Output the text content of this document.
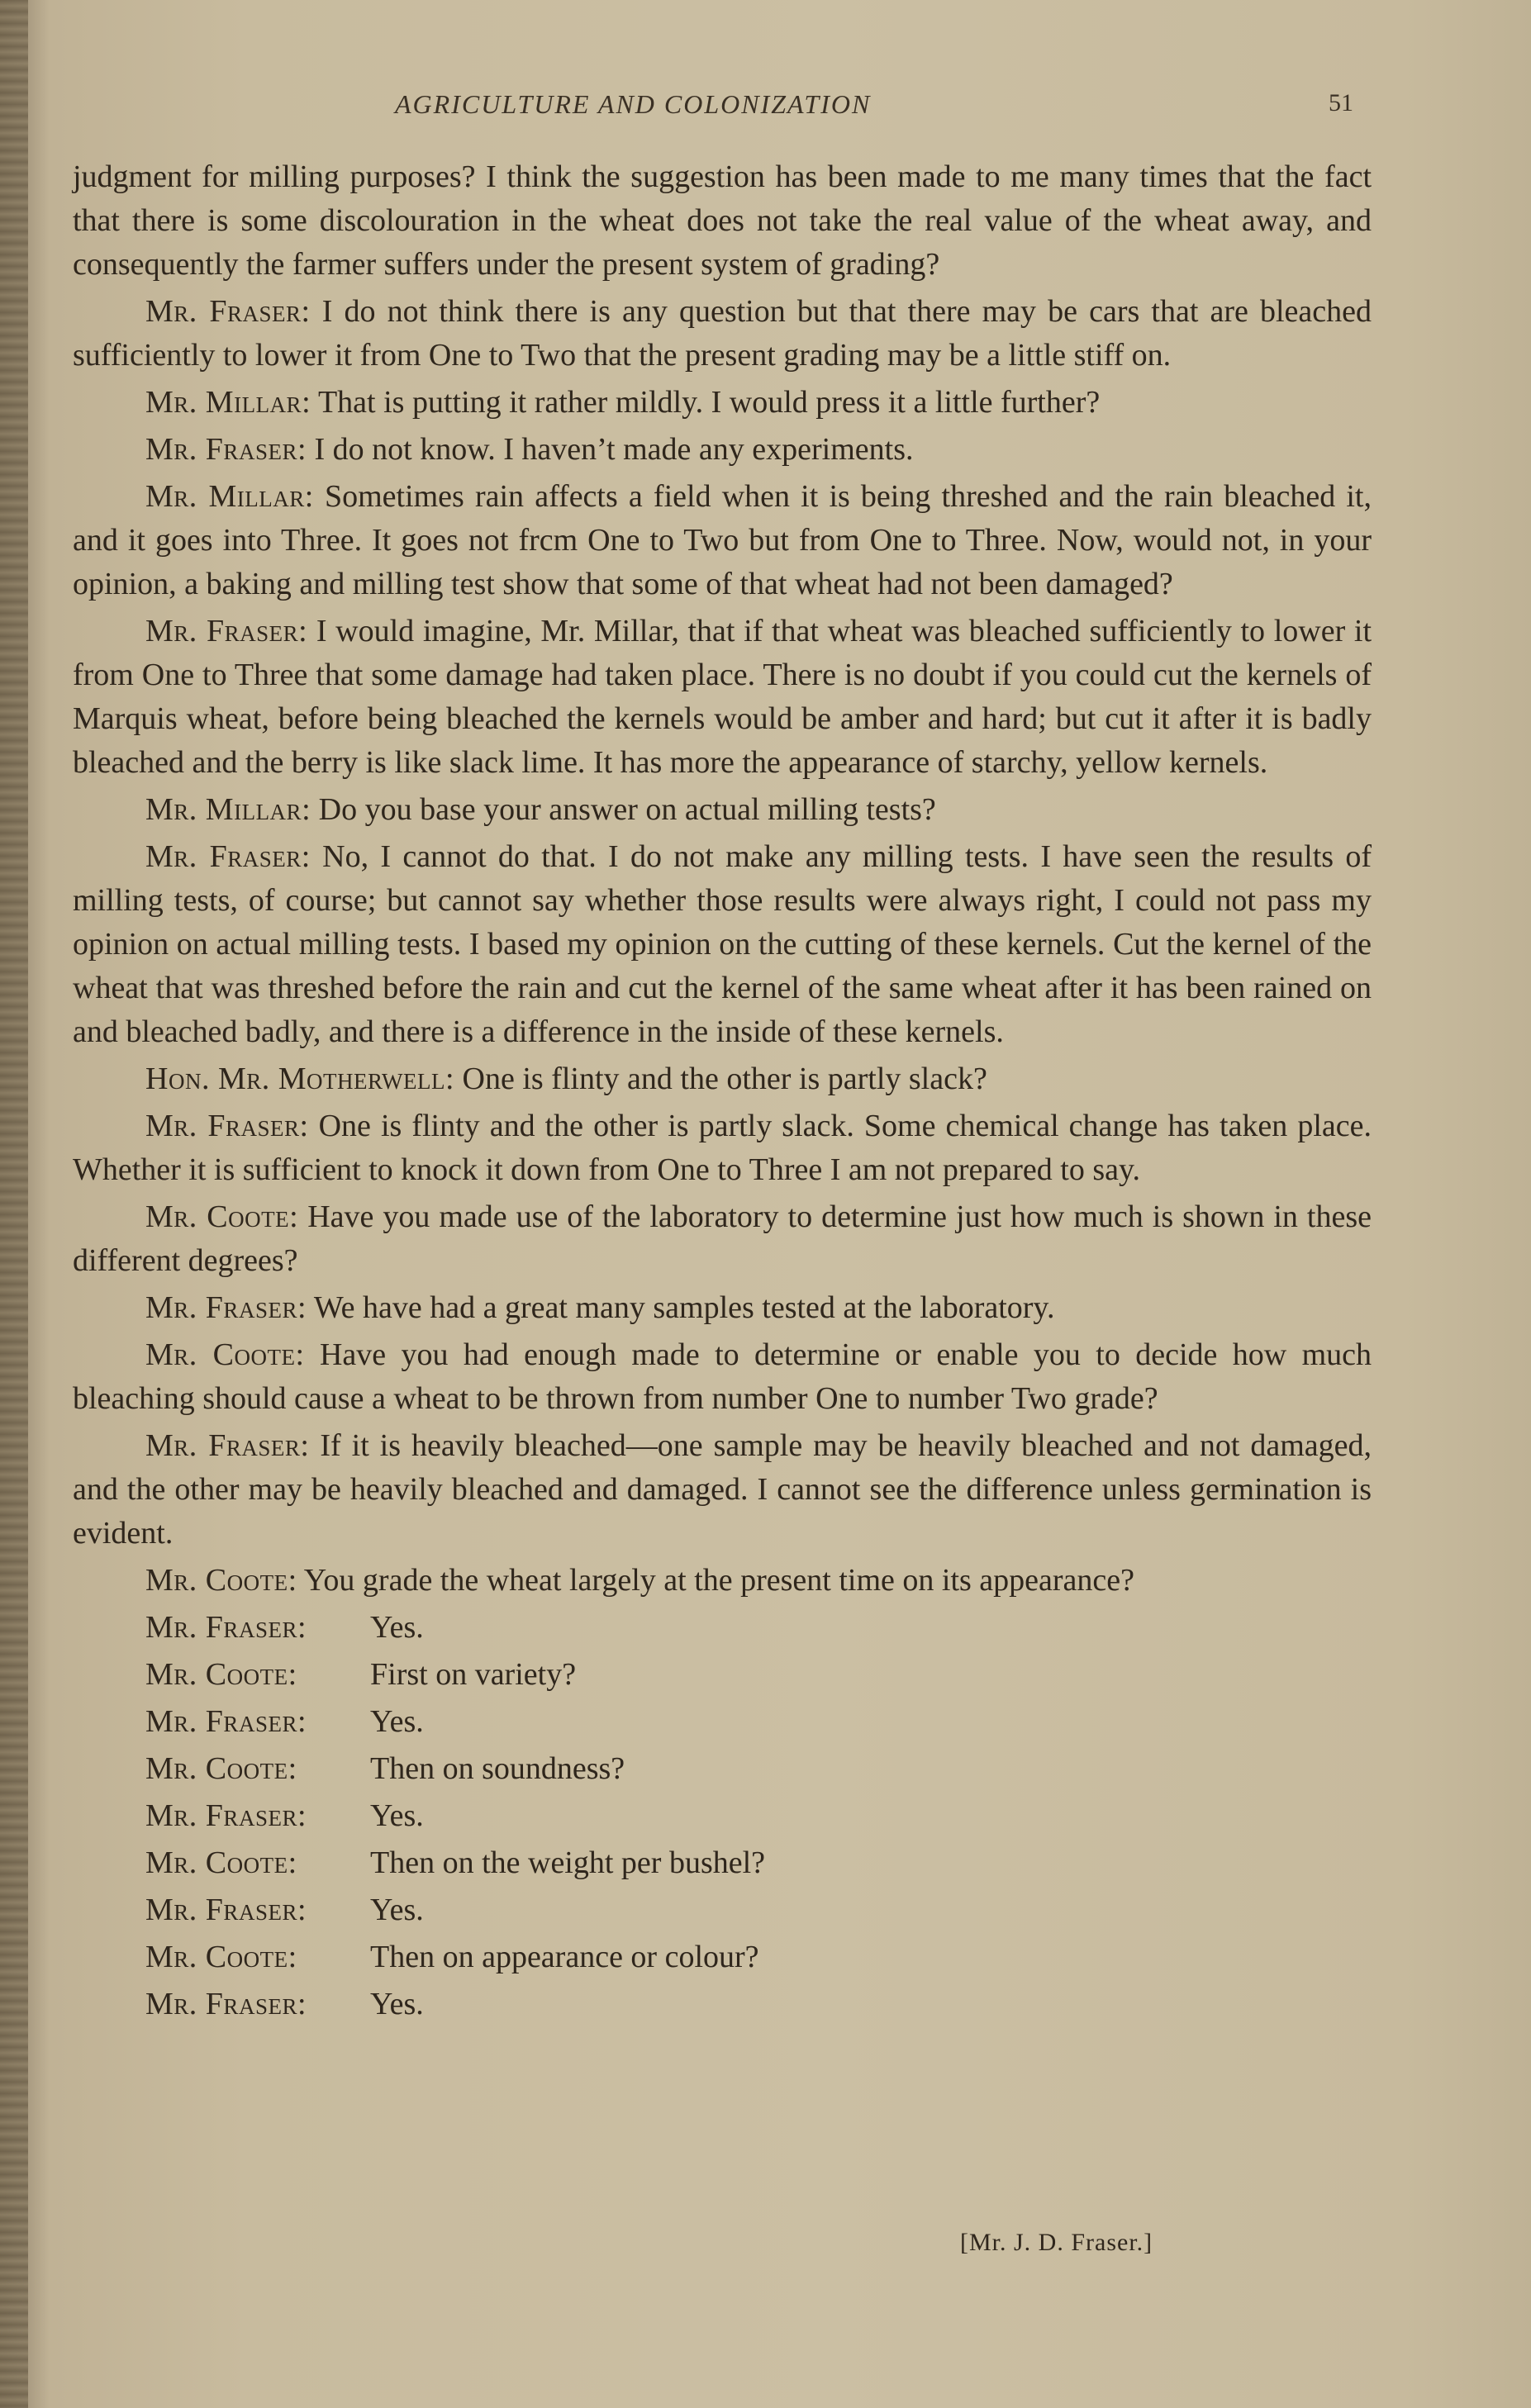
AGRICULTURE AND COLONIZATION	51

judgment for milling purposes? I think the suggestion has been made to me many times that the fact that there is some discolouration in the wheat does not take the real value of the wheat away, and consequently the farmer suffers under the present system of grading?

Mr. Fraser: I do not think there is any question but that there may be cars that are bleached sufficiently to lower it from One to Two that the present grading may be a little stiff on.

Mr. Millar: That is putting it rather mildly. I would press it a little further?

Mr. Fraser: I do not know. I haven’t made any experiments.

Mr. Millar: Sometimes rain affects a field when it is being threshed and the rain bleached it, and it goes into Three. It goes not frcm One to Two but from One to Three. Now, would not, in your opinion, a baking and milling test show that some of that wheat had not been damaged?

Mr. Fraser: I would imagine, Mr. Millar, that if that wheat was bleached sufficiently to lower it from One to Three that some damage had taken place. There is no doubt if you could cut the kernels of Marquis wheat, before being bleached the kernels would be amber and hard; but cut it after it is badly bleached and the berry is like slack lime. It has more the appearance of starchy, yellow kernels.

Mr. Millar: Do you base your answer on actual milling tests?

Mr. Fraser: No, I cannot do that. I do not make any milling tests. I have seen the results of milling tests, of course; but cannot say whether those results were always right, I could not pass my opinion on actual milling tests. I based my opinion on the cutting of these kernels. Cut the kernel of the wheat that was threshed before the rain and cut the kernel of the same wheat after it has been rained on and bleached badly, and there is a difference in the inside of these kernels.

Hon. Mr. Motherwell: One is flinty and the other is partly slack?

Mr. Fraser: One is flinty and the other is partly slack. Some chemical change has taken place. Whether it is sufficient to knock it down from One to Three I am not prepared to say.

Mr. Coote: Have you made use of the laboratory to determine just how much is shown in these different degrees?

Mr. Fraser: We have had a great many samples tested at the laboratory.

Mr. Coote: Have you had enough made to determine or enable you to decide how much bleaching should cause a wheat to be thrown from number One to number Two grade?

Mr. Fraser: If it is heavily bleached—one sample may be heavily bleached and not damaged, and the other may be heavily bleached and damaged. I cannot see the difference unless germination is evident.

Mr. Coote: You grade the wheat largely at the present time on its appearance?

Mr. Fraser: Yes.

Mr. Coote: First on variety?

Mr. Fraser: Yes.

Mr. Coote: Then on soundness?

Mr. Fraser: Yes.

Mr. Coote: Then on the weight per bushel?

Mr. Fraser: Yes.

Mr. Coote: Then on appearance or colour?

Mr. Fraser: Yes.

[Mr. J. D. Fraser.]
